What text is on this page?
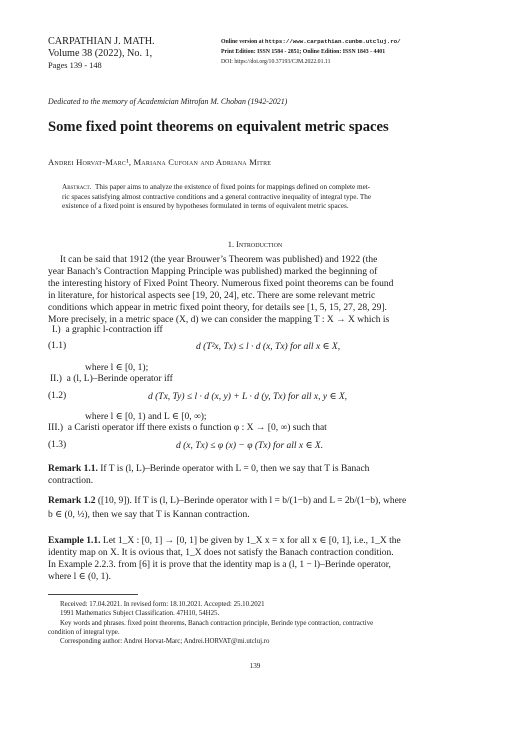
CARPATHIAN J. MATH.
Volume 38 (2022), No. 1,
Pages 139 - 148
Online version at https://www.carpathian.cunbm.utcluj.ro/
Print Edition: ISSN 1584 - 2851; Online Edition: ISSN 1843 - 4401
DOI: https://doi.org/10.37193/CJM.2022.01.11
Dedicated to the memory of Academician Mitrofan M. Choban (1942-2021)
Some fixed point theorems on equivalent metric spaces
Andrei Horvat-Marc¹, Mariana Cufoian and Adriana Mitre
Abstract. This paper aims to analyze the existence of fixed points for mappings defined on complete met-
ric spaces satisfying almost contractive conditions and a general contractive inequality of integral type. The
existence of a fixed point is ensured by hypotheses formulated in terms of equivalent metric spaces.
1. Introduction
It can be said that 1912 (the year Brouwer’s Theorem was published) and 1922 (the
year Banach’s Contraction Mapping Principle was published) marked the beginning of
the interesting history of Fixed Point Theory. Numerous fixed point theorems can be found
in literature, for historical aspects see [19, 20, 24], etc. There are some relevant metric
conditions which appear in metric fixed point theory, for details see [1, 5, 15, 27, 28, 29].
More precisely, in a metric space (X, d) we can consider the mapping T : X → X which is
I.) a graphic l-contraction iff
(1.1)	d (T²x, Tx) ≤ l · d (x, Tx) for all x ∈ X,
where l ∈ [0, 1);
II.) a (l, L)–Berinde operator iff
(1.2)	d (Tx, Ty) ≤ l · d (x, y) + L · d (y, Tx) for all x, y ∈ X,
where l ∈ [0, 1) and L ∈ [0, ∞);
III.) a Caristi operator iff there exists o function φ : X → [0, ∞) such that
(1.3)	d (x, Tx) ≤ φ (x) − φ (Tx) for all x ∈ X.
Remark 1.1. If T is (l, L)–Berinde operator with L = 0, then we say that T is Banach
contraction.
Remark 1.2 ([10, 9]). If T is (l, L)–Berinde operator with l = b/(1−b) and L = 2b/(1−b), where
b ∈ (0, ½), then we say that T is Kannan contraction.
Example 1.1. Let 1_X : [0, 1] → [0, 1] be given by 1_X x = x for all x ∈ [0, 1], i.e., 1_X the
identity map on X. It is ovious that, 1_X does not satisfy the Banach contraction condition.
In Example 2.2.3. from [6] it is prove that the identity map is a (l, 1 − l)–Berinde operator,
where l ∈ (0, 1).
Received: 17.04.2021. In revised form: 18.10.2021. Accepted: 25.10.2021
1991 Mathematics Subject Classification. 47H10, 54H25.
Key words and phrases. fixed point theorems, Banach contraction principle, Berinde type contraction, contractive
condition of integral type.
Corresponding author: Andrei Horvat-Marc; Andrei.HORVAT@mi.utcluj.ro
139
